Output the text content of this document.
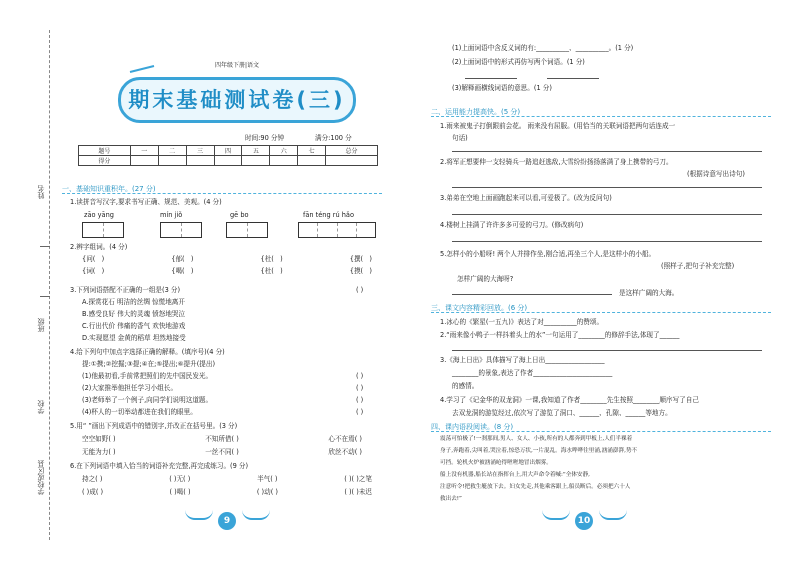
姓名
班级
学校
学校或区县
四年级下册|语文
期末基础测试卷(三)
时间:90 分钟	满分:100 分
题号	一	二	三	四	五	六	七	总分
得分								
一、基础知识重积年。(27 分)
1.读拼音写汉字,要求书写正确、规范、美观。(4 分)
zāo yāng	mín jiǒ	gē bo	fān téng rú hǎo
2.辨字组词。(4 分)
{问( )	{郁( )	{杜( )	{撰( )
{词( )	{喝( )	{杜( )	{摸( )
3.下列词语搭配不正确的一组是(3 分)	( )
A.探赏花石 明洁的丝绸 惊慌地离开
B.感受良好 伟大的灵魂 愤怒地哭泣
C.行出代价 伟痛的香气 欢快地游戏
D.实现愿望 金黄的稻草 坦然地接受
4.给下列句中加点字选择正确的解释。(填序号)(4 分)
提:①携;②挖掘;③提;④在;⑤提出;⑥提升(提出)
(1)他最初看,手前常把照们的先中国民发光。
(2)大家推举他担任学习小组长。
(3)老师举了一个例子,向同学们说明这道题。
(4)杯人的一切举动都进在我们的眼里。
( )
( )
( )
( )
5.用“ ”画出下列成语中的错别字,并改正在括号里。(3 分)
空空如野( )	不知所借( )	心不在焉( )
无能为力( )	一丝不同( )	欣丝不动( )
6.在下列词语中填入恰当的词语补充完整,再完成练习。(9 分)
持之( )	( )无( )	半气( )	( )( )之笔
( )成( )	( )喝( )	( )动( )	( )( )未迟
9
(1)上面词语中含反义词的有:__________、__________。(1 分)
(2)上面词语中的形式再仿写两个词语。(1 分)
(3)解释画横线词语的意思。(1 分)
二、运用能力提高快。(5 分)
1.雨来被鬼子打倒跟前会花。 雨来没有屈服。(用恰当的关联词语把两句话连成一
句话)
2.将军正想要伸一支轻骑兵一路追赶逃敌,大雪纷纷扬扬落满了身上携带的弓刀。
(根据诗意写出诗句)
3.弟弟在空地上面画跑起来可以看,可爱极了。(改为反问句)
4.楼树上挂满了许许多多可爱的弓刀。(修改病句)
5.怎样小的小船呀! 两个人并排作坐,刚合适,再坐三个人,是这样小的小船。
(照样子,把句子补充完整)
怎样广阔的大海呀?
是这样广阔的大海。
三、课文内容精彩回放。(6 分)
1.冰心的《繁星(一五九)》表达了对__________的赞颂。
2.“雨来像小鸭子一样抖着头上的水”一句运用了________的修辞手法,体现了______
3.《海上日出》具体描写了海上日出__________________
________的景象,表达了作者________________________
的感情。
4.学习了《记金华的双龙洞》一课,我知道了作者________先生按照________顺序写了自己
去双龙洞的游览经过,依次写了游览了洞口、______、孔隙、______等地方。
四、课内语段阅读。(8 分)
震荡可怕极了!一刹那间,男人、女人、小孩,所有的人都奔到甲板上,人们半裸着
身子,奔跑着,尖叫着,哭泣着,惊恐万状,一片混乱。海水哗哗往里涌,汹涌澎湃,势不
可挡。轮机火炉被汹涌呛得咝咝地冒出烟雾。
船上没有机器,船长站在指挥台上,用大声命令着喊:“全体安静,
注意听令!把救生艇放下去。妇女先走,其他乘客跟上,船员断后。必须把六十人
救出去!”
10
